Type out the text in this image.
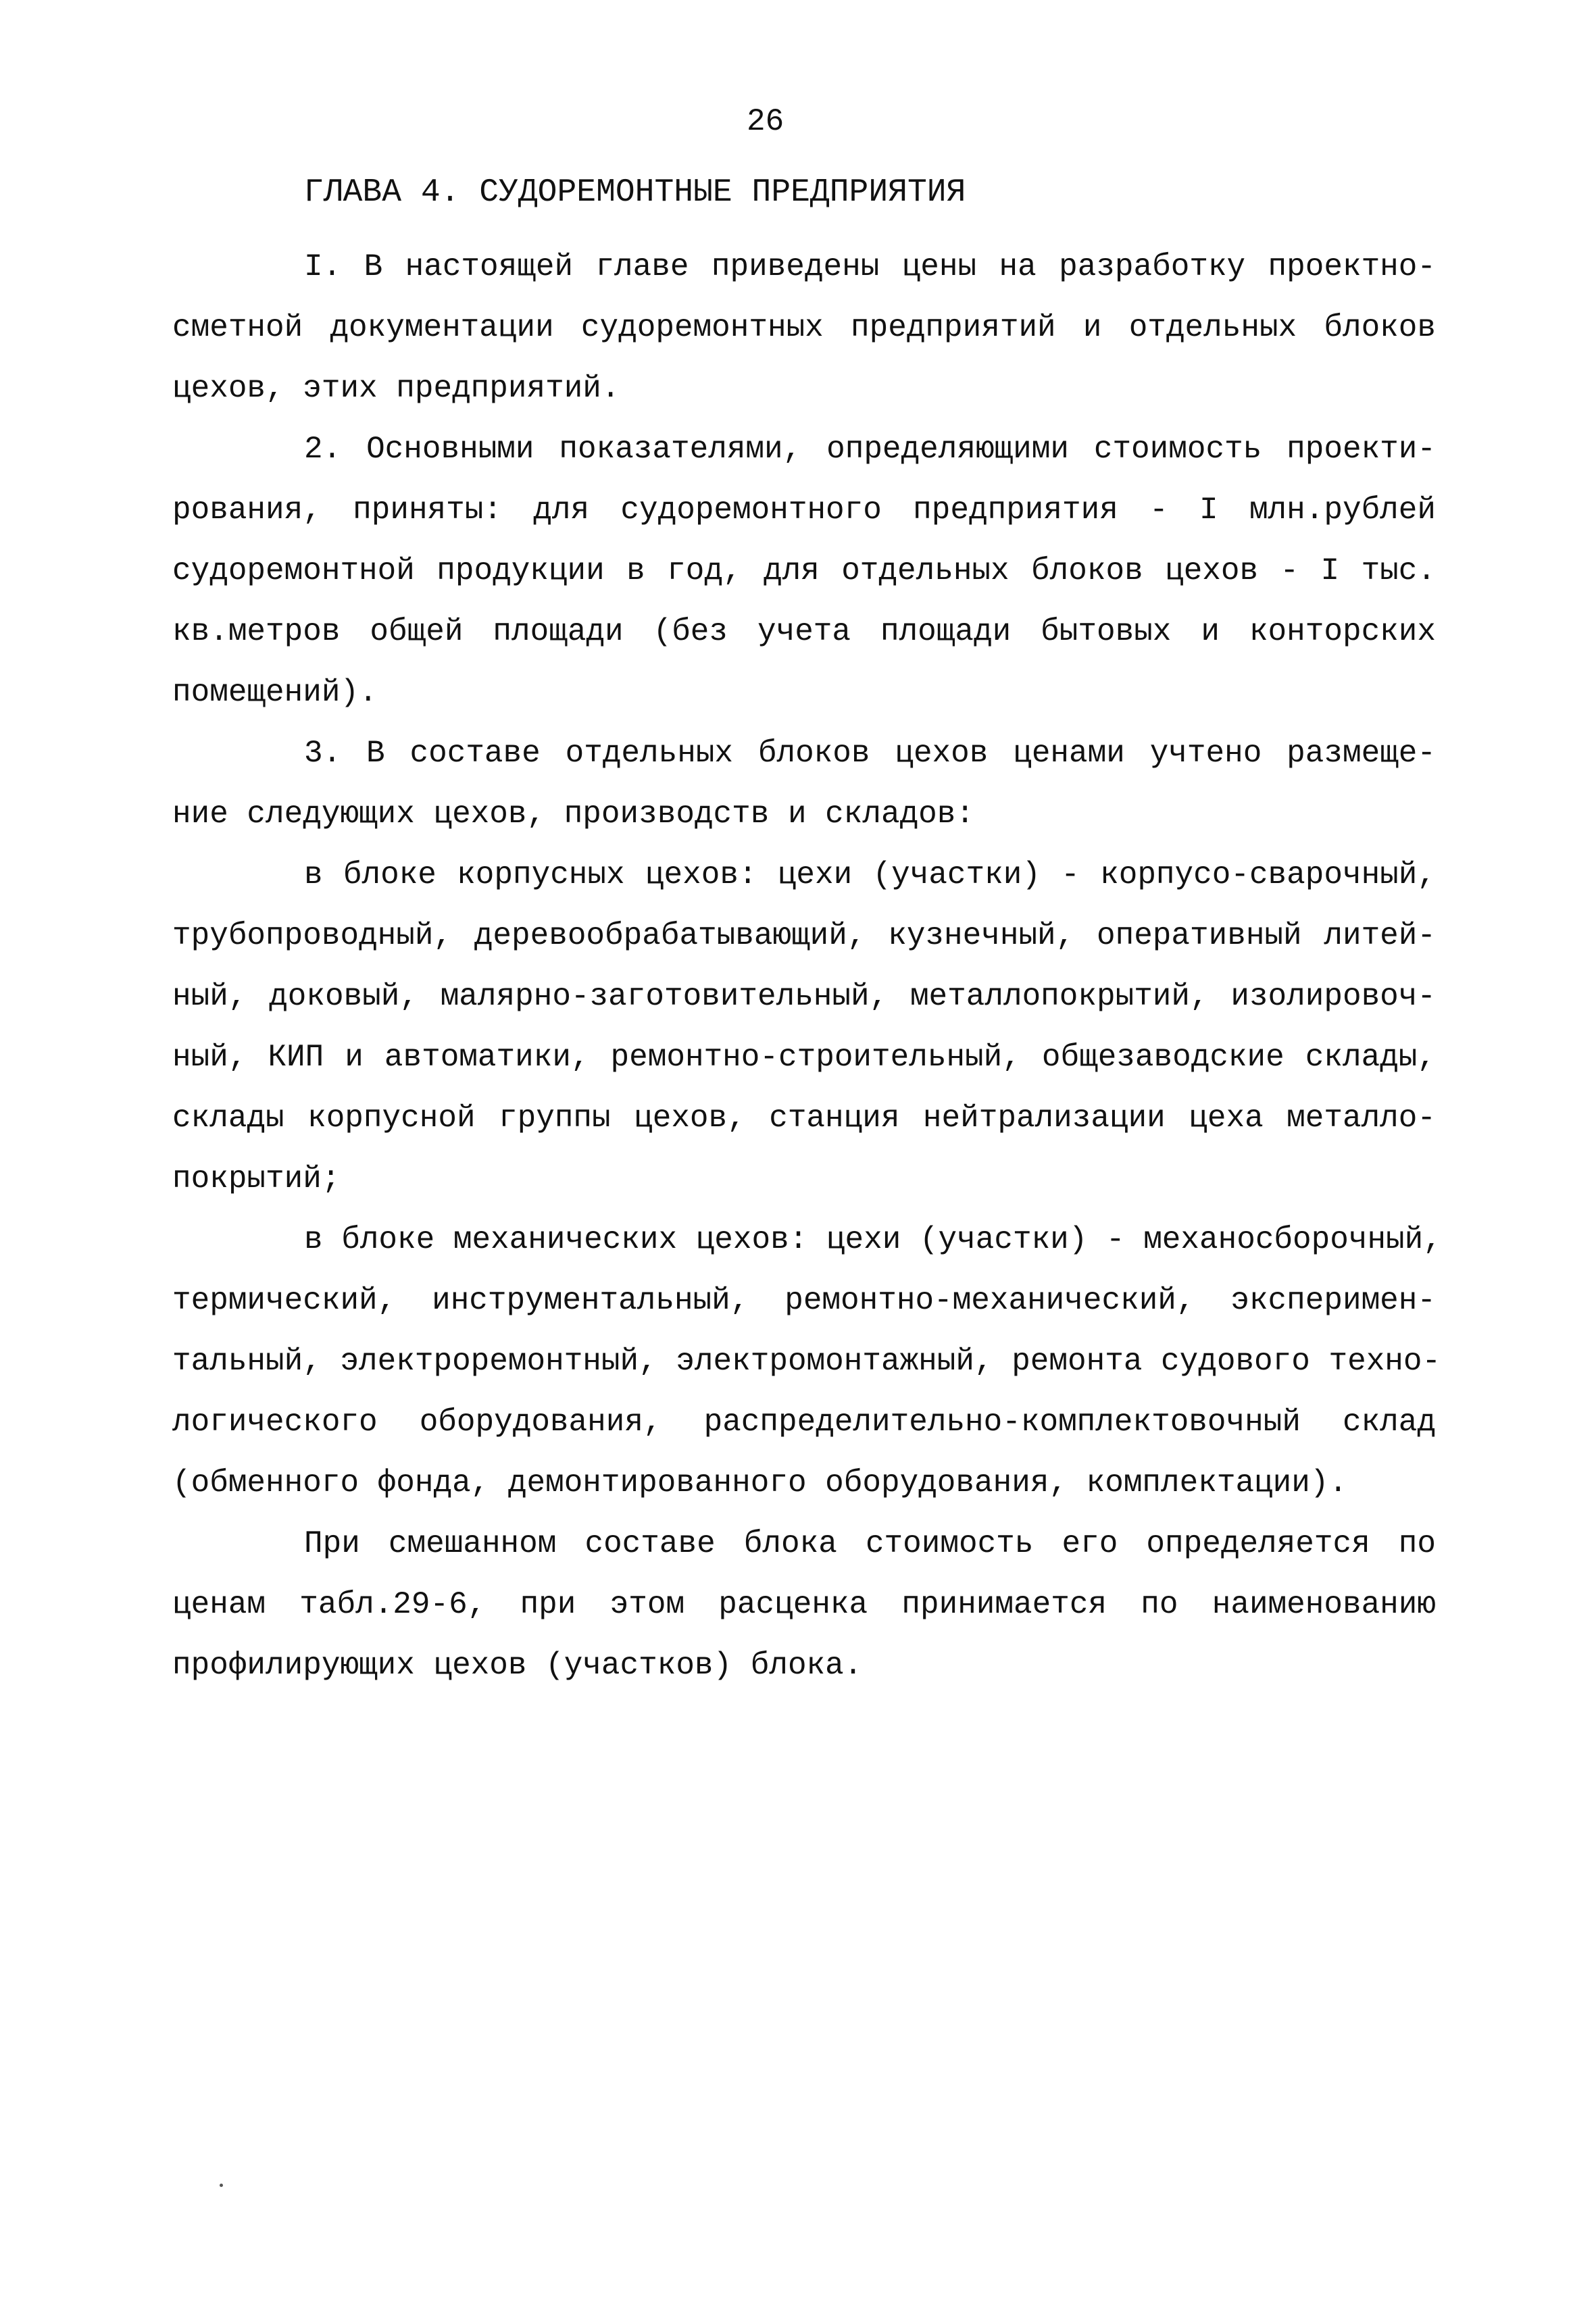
26
ГЛАВА 4. СУДОРЕМОНТНЫЕ ПРЕДПРИЯТИЯ
I. В настоящей главе приведены цены на разработку проектно-
сметной документации судоремонтных предприятий и отдельных блоков
цехов, этих предприятий.
2. Основными показателями, определяющими стоимость проекти-
рования, приняты: для судоремонтного предприятия - I млн.рублей
судоремонтной продукции в год, для отдельных блоков цехов - I тыс.
кв.метров общей площади (без учета площади бытовых и конторских
помещений).
3. В составе отдельных блоков цехов ценами учтено размеще-
ние следующих цехов, производств и складов:
в блоке корпусных цехов: цехи (участки) - корпусо-сварочный,
трубопроводный, деревообрабатывающий, кузнечный, оперативный литей-
ный, доковый, малярно-заготовительный, металлопокрытий, изолировоч-
ный, КИП и автоматики, ремонтно-строительный, общезаводские склады,
склады корпусной группы цехов, станция нейтрализации цеха металло-
покрытий;
в блоке механических цехов: цехи (участки) - механосборочный,
термический, инструментальный, ремонтно-механический, эксперимен-
тальный, электроремонтный, электромонтажный, ремонта судового техно-
логического оборудования, распределительно-комплектовочный склад
(обменного фонда, демонтированного оборудования, комплектации).
При смешанном составе блока стоимость его определяется по
ценам табл.29-6, при этом расценка принимается по наименованию
профилирующих цехов (участков) блока.
